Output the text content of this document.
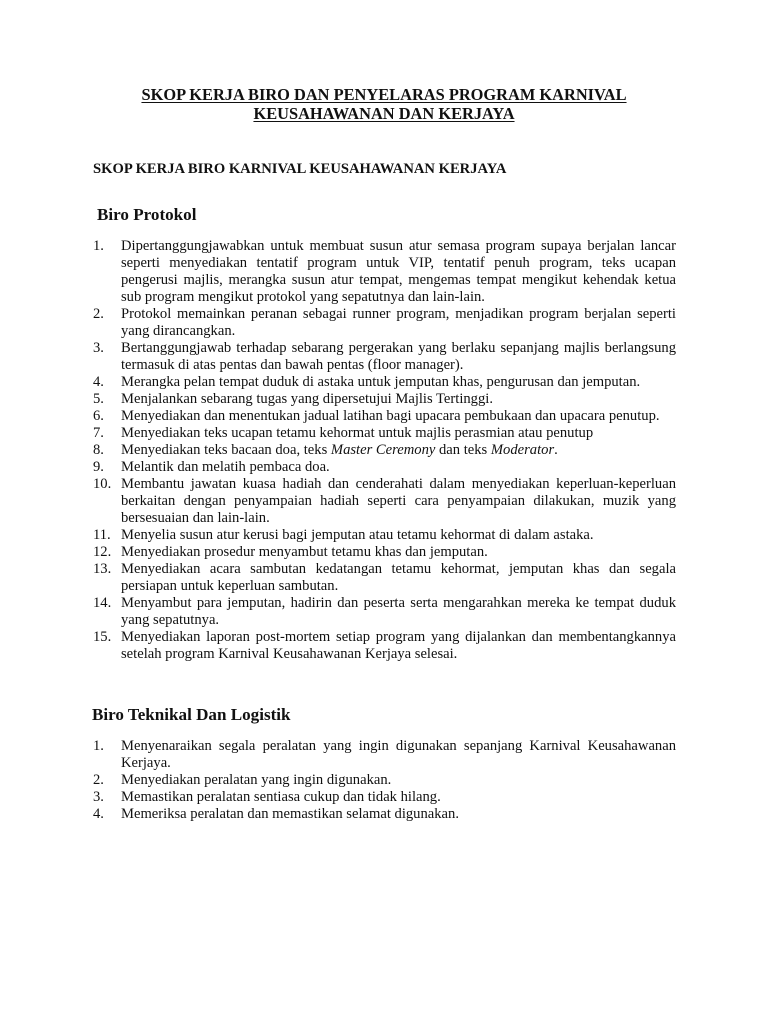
SKOP KERJA BIRO DAN PENYELARAS PROGRAM KARNIVAL
KEUSAHAWANAN DAN KERJAYA
SKOP KERJA BIRO KARNIVAL KEUSAHAWANAN KERJAYA
Biro Protokol
1.	Dipertanggungjawabkan untuk membuat susun atur semasa program supaya berjalan lancar seperti menyediakan tentatif program untuk VIP, tentatif penuh program, teks ucapan pengerusi majlis, merangka susun atur tempat, mengemas tempat mengikut kehendak ketua sub program mengikut protokol yang sepatutnya dan lain-lain.
2.	Protokol memainkan peranan sebagai runner program, menjadikan program berjalan seperti yang dirancangkan.
3.	Bertanggungjawab terhadap sebarang pergerakan yang berlaku sepanjang majlis berlangsung termasuk di atas pentas dan bawah pentas (floor manager).
4.	Merangka pelan tempat duduk di astaka untuk jemputan khas, pengurusan dan jemputan.
5.	Menjalankan sebarang tugas yang dipersetujui Majlis Tertinggi.
6.	Menyediakan dan menentukan jadual latihan bagi upacara pembukaan dan upacara penutup.
7.	Menyediakan teks ucapan tetamu kehormat untuk majlis perasmian atau penutup
8.	Menyediakan teks bacaan doa, teks Master Ceremony dan teks Moderator.
9.	Melantik dan melatih pembaca doa.
10. Membantu jawatan kuasa hadiah dan cenderahati dalam menyediakan keperluan-keperluan berkaitan dengan penyampaian hadiah seperti cara penyampaian dilakukan, muzik yang bersesuaian dan lain-lain.
11. Menyelia susun atur kerusi bagi jemputan atau tetamu kehormat di dalam astaka.
12. Menyediakan prosedur menyambut tetamu khas dan jemputan.
13. Menyediakan acara sambutan kedatangan tetamu kehormat, jemputan khas dan segala persiapan untuk keperluan sambutan.
14. Menyambut para jemputan, hadirin dan peserta serta mengarahkan mereka ke tempat duduk yang sepatutnya.
15. Menyediakan laporan post-mortem setiap program yang dijalankan dan membentangkannya setelah program Karnival Keusahawanan Kerjaya selesai.
Biro Teknikal Dan Logistik
1.	Menyenaraikan segala peralatan yang ingin digunakan sepanjang Karnival Keusahawanan Kerjaya.
2.	Menyediakan peralatan yang ingin digunakan.
3.	Memastikan peralatan sentiasa cukup dan tidak hilang.
4.	Memeriksa peralatan dan memastikan selamat digunakan.
